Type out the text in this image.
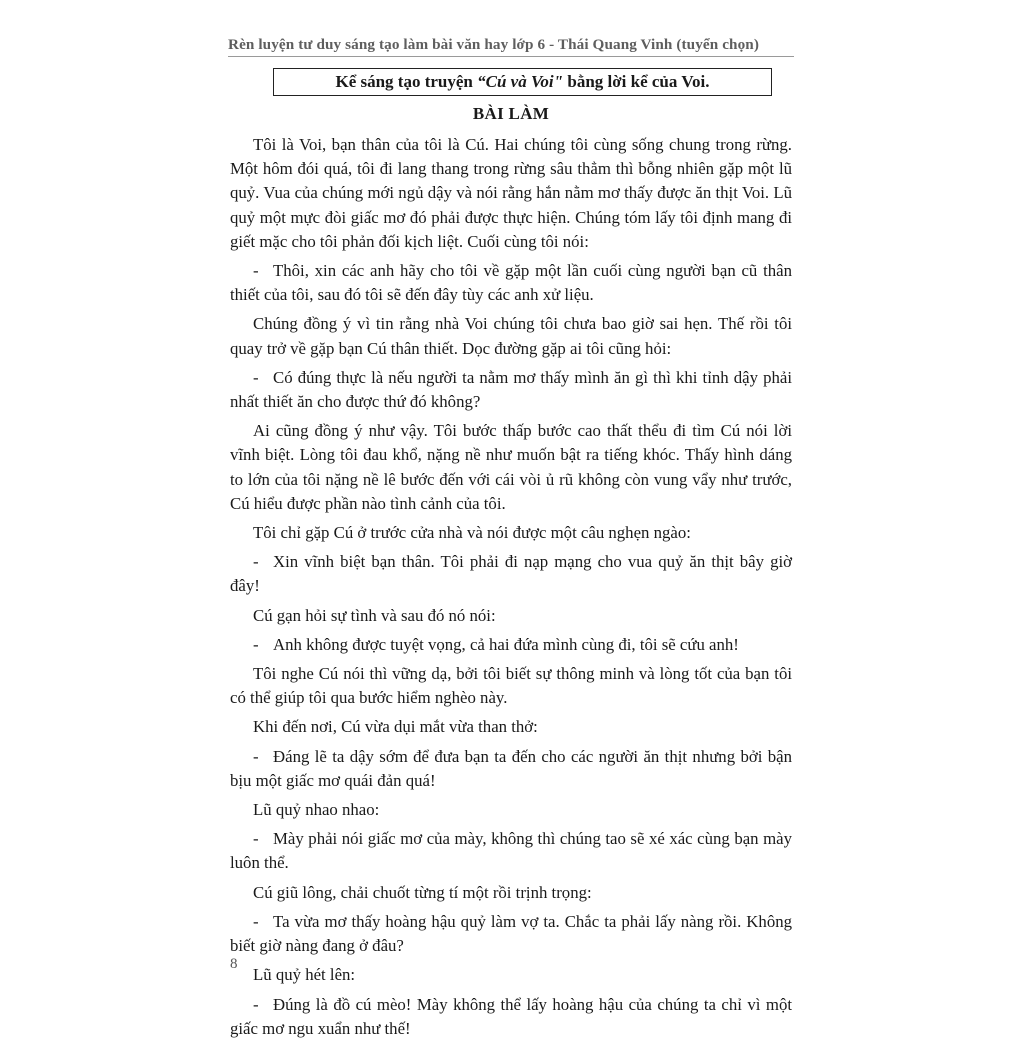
Rèn luyện tư duy sáng tạo làm bài văn hay lớp 6 - Thái Quang Vinh (tuyển chọn)
Kể sáng tạo truyện “Cú và Voi" bằng lời kể của Voi.
BÀI LÀM

Tôi là Voi, bạn thân của tôi là Cú. Hai chúng tôi cùng sống chung trong rừng. Một hôm đói quá, tôi đi lang thang trong rừng sâu thẳm thì bỗng nhiên gặp một lũ quỷ. Vua của chúng mới ngủ dậy và nói rằng hắn nằm mơ thấy được ăn thịt Voi. Lũ quỷ một mực đòi giấc mơ đó phải được thực hiện. Chúng tóm lấy tôi định mang đi giết mặc cho tôi phản đối kịch liệt. Cuối cùng tôi nói:

- Thôi, xin các anh hãy cho tôi về gặp một lần cuối cùng người bạn cũ thân thiết của tôi, sau đó tôi sẽ đến đây tùy các anh xử liệu.

Chúng đồng ý vì tin rằng nhà Voi chúng tôi chưa bao giờ sai hẹn. Thế rồi tôi quay trở về gặp bạn Cú thân thiết. Dọc đường gặp ai tôi cũng hỏi:

- Có đúng thực là nếu người ta nằm mơ thấy mình ăn gì thì khi tỉnh dậy phải nhất thiết ăn cho được thứ đó không?

Ai cũng đồng ý như vậy. Tôi bước thấp bước cao thất thểu đi tìm Cú nói lời vĩnh biệt. Lòng tôi đau khổ, nặng nề như muốn bật ra tiếng khóc. Thấy hình dáng to lớn của tôi nặng nề lê bước đến với cái vòi ủ rũ không còn vung vẩy như trước, Cú hiểu được phần nào tình cảnh của tôi.

Tôi chỉ gặp Cú ở trước cửa nhà và nói được một câu nghẹn ngào:

- Xin vĩnh biệt bạn thân. Tôi phải đi nạp mạng cho vua quỷ ăn thịt bây giờ đây!

Cú gạn hỏi sự tình và sau đó nó nói:

- Anh không được tuyệt vọng, cả hai đứa mình cùng đi, tôi sẽ cứu anh!

Tôi nghe Cú nói thì vững dạ, bởi tôi biết sự thông minh và lòng tốt của bạn tôi có thể giúp tôi qua bước hiểm nghèo này.

Khi đến nơi, Cú vừa dụi mắt vừa than thở:

- Đáng lẽ ta dậy sớm để đưa bạn ta đến cho các người ăn thịt nhưng bởi bận bịu một giấc mơ quái đản quá!

Lũ quỷ nhao nhao:

- Mày phải nói giấc mơ của mày, không thì chúng tao sẽ xé xác cùng bạn mày luôn thể.

Cú giũ lông, chải chuốt từng tí một rồi trịnh trọng:

- Ta vừa mơ thấy hoàng hậu quỷ làm vợ ta. Chắc ta phải lấy nàng rồi. Không biết giờ nàng đang ở đâu?

Lũ quỷ hét lên:

- Đúng là đồ cú mèo! Mày không thể lấy hoàng hậu của chúng ta chỉ vì một giấc mơ ngu xuẩn như thế!

8
